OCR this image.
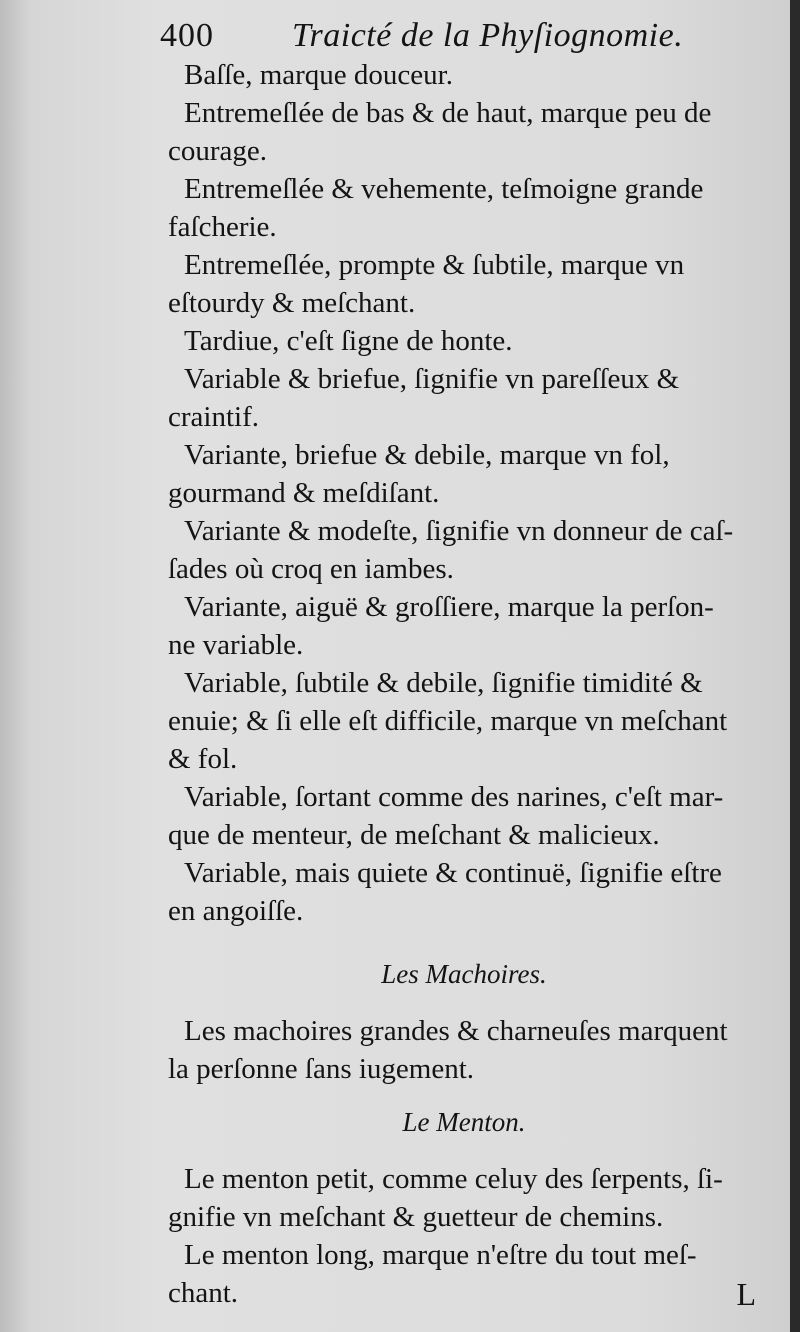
400 Traicté de la Phyſiognomie.

Baſſe, marque douceur.

Entremeſlée de bas & de haut, marque peu de
courage.

Entremeſlée & vehemente, teſmoigne grande
faſcherie.

Entremeſlée, prompte & ſubtile, marque vn
eſtourdy & meſchant.

Tardiue, c'eſt ſigne de honte.

Variable & briefue, ſignifie vn pareſſeux &
craintif.

Variante, briefue & debile, marque vn fol,
gourmand & meſdiſant.

Variante & modeſte, ſignifie vn donneur de caſ-
ſades où croq en iambes.

Variante, aiguë & groſſiere, marque la perſon-
ne variable.

Variable, ſubtile & debile, ſignifie timidité &
enuie; & ſi elle eſt difficile, marque vn meſchant
& fol.

Variable, ſortant comme des narines, c'eſt mar-
que de menteur, de meſchant & malicieux.

Variable, mais quiete & continuë, ſignifie eſtre
en angoiſſe.

Les Machoires.

Les machoires grandes & charneuſes marquent
la perſonne ſans iugement.

Le Menton.

Le menton petit, comme celuy des ſerpents, ſi-
gnifie vn meſchant & guetteur de chemins.

Le menton long, marque n'eſtre du tout meſ-
chant.	L
